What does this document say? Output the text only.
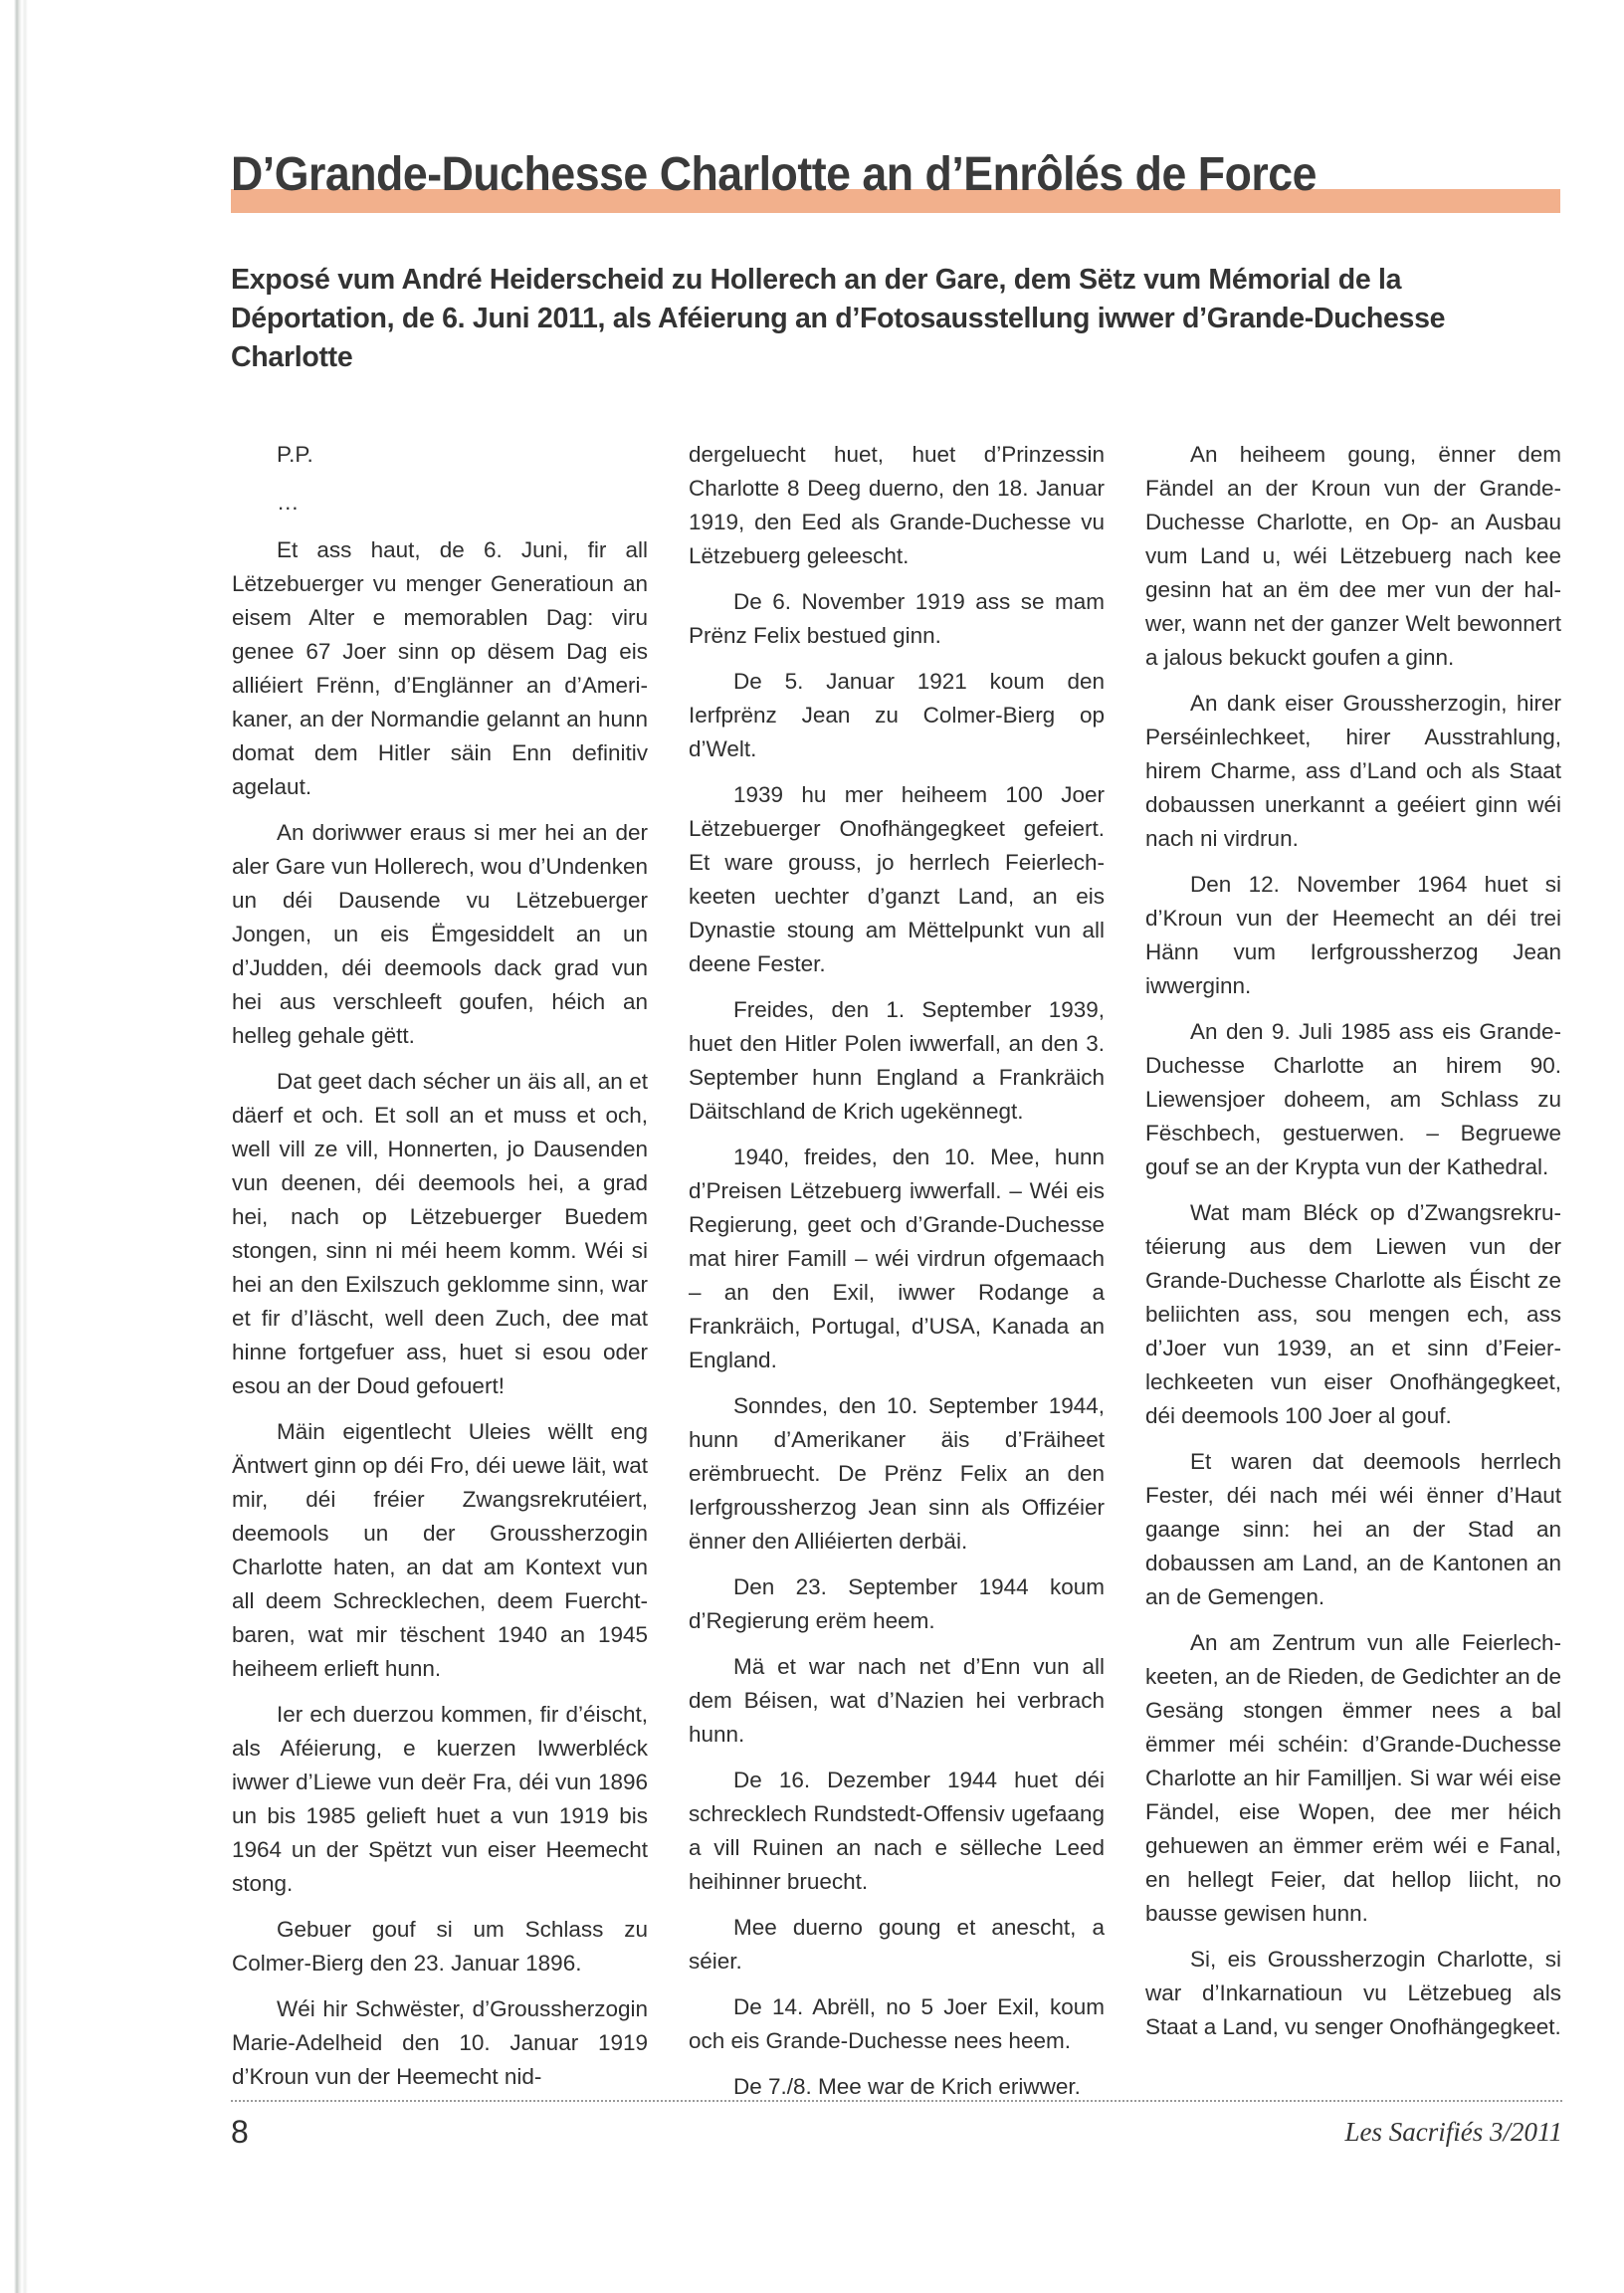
D’Grande-Duchesse Charlotte an d’Enrôlés de Force
Exposé vum André Heiderscheid zu Hollerech an der Gare, dem Sëtz vum Mémorial de la Déportation, de 6. Juni 2011, als Aféierung an d’Fotosausstellung iwwer d’Grande-Duchesse Charlotte

P.P.

…

Et ass haut, de 6. Juni, fir all Lëtzebuerger vu menger Generatioun an eisem Alter e memorablen Dag: viru genee 67 Joer sinn op dësem Dag eis alliéiert Frënn, d’Englänner an d’Amerikaner, an der Normandie gelannt an hunn domat dem Hitler säin Enn definitiv agelaut.

An doriwwer eraus si mer hei an der aler Gare vun Hollerech, wou d’Undenken un déi Dausende vu Lëtzebuerger Jongen, un eis Ëmgesiddelt an un d’Judden, déi deemools dack grad vun hei aus verschleeft goufen, héich an helleg gehale gëtt.

Dat geet dach sécher un äis all, an et däerf et och. Et soll an et muss et och, well vill ze vill, Honnerten, jo Dausenden vun deenen, déi deemools hei, a grad hei, nach op Lëtzebuerger Buedem stongen, sinn ni méi heem komm. Wéi si hei an den Exilszuch geklomme sinn, war et fir d’Iäscht, well deen Zuch, dee mat hinne fortgefuer ass, huet si esou oder esou an der Doud gefouert!

Mäin eigentlecht Uleies wëllt eng Äntwert ginn op déi Fro, déi uewe läit, wat mir, déi fréier Zwangsrekrutéiert, deemools un der Groussherzogin Charlotte haten, an dat am Kontext vun all deem Schrecklechen, deem Fuerchtbaren, wat mir tëschent 1940 an 1945 heiheem erlieft hunn.

Ier ech duerzou kommen, fir d’éischt, als Aféierung, e kuerzen Iwwerbléck iwwer d’Liewe vun deër Fra, déi vun 1896 un bis 1985 gelieft huet a vun 1919 bis 1964 un der Spëtzt vun eiser Heemecht stong.

Gebuer gouf si um Schlass zu Colmer-Bierg den 23. Januar 1896.

Wéi hir Schwëster, d’Groussherzogin Marie-Adelheid den 10. Januar 1919 d’Kroun vun der Heemecht nid-

dergeluecht huet, huet d’Prinzessin Charlotte 8 Deeg duerno, den 18. Januar 1919, den Eed als Grande-Duchesse vu Lëtzebuerg geleescht.

De 6. November 1919 ass se mam Prënz Felix bestued ginn.

De 5. Januar 1921 koum den Ierfprënz Jean zu Colmer-Bierg op d’Welt.

1939 hu mer heiheem 100 Joer Lëtzebuerger Onofhängegkeet gefeiert. Et ware grouss, jo herrlech Feierlechkeeten uechter d’ganzt Land, an eis Dynastie stoung am Mëttelpunkt vun all deene Fester.

Freides, den 1. September 1939, huet den Hitler Polen iwwerfall, an den 3. September hunn England a Frankräich Däitschland de Krich ugekënnegt.

1940, freides, den 10. Mee, hunn d’Preisen Lëtzebuerg iwwerfall. – Wéi eis Regierung, geet och d’Grande-Duchesse mat hirer Famill – wéi virdrun ofgemaach – an den Exil, iwwer Rodange a Frankräich, Portugal, d’USA, Kanada an England.

Sonndes, den 10. September 1944, hunn d’Amerikaner äis d’Fräiheet erëmbruecht. De Prënz Felix an den Ierfgroussherzog Jean sinn als Offizéier ënner den Alliéierten derbäi.

Den 23. September 1944 koum d’Regierung erëm heem.

Mä et war nach net d’Enn vun all dem Béisen, wat d’Nazien hei verbrach hunn.

De 16. Dezember 1944 huet déi schrecklech Rundstedt-Offensiv ugefaang a vill Ruinen an nach e sëlleche Leed heihinner bruecht.

Mee duerno goung et anescht, a séier.

De 14. Abrëll, no 5 Joer Exil, koum och eis Grande-Duchesse nees heem.

De 7./8. Mee war de Krich eriwwer.

An heiheem goung, ënner dem Fändel an der Kroun vun der Grande-Duchesse Charlotte, en Op- an Ausbau vum Land u, wéi Lëtzebuerg nach kee gesinn hat an ëm dee mer vun der halwer, wann net der ganzer Welt bewonnert a jalous bekuckt goufen a ginn.

An dank eiser Groussherzogin, hirer Perséinlechkeet, hirer Ausstrahlung, hirem Charme, ass d’Land och als Staat dobaussen unerkannt a geéiert ginn wéi nach ni virdrun.

Den 12. November 1964 huet si d’Kroun vun der Heemecht an déi trei Hänn vum Ierfgroussherzog Jean iwwerginn.

An den 9. Juli 1985 ass eis Grande-Duchesse Charlotte an hirem 90. Liewensjoer doheem, am Schlass zu Fëschbech, gestuerwen. – Begruewe gouf se an der Krypta vun der Kathedral.

Wat mam Bléck op d’Zwangsrekrutéierung aus dem Liewen vun der Grande-Duchesse Charlotte als Éischt ze beliichten ass, sou mengen ech, ass d’Joer vun 1939, an et sinn d’Feierlechkeeten vun eiser Onofhängegkeet, déi deemools 100 Joer al gouf.

Et waren dat deemools herrlech Fester, déi nach méi wéi ënner d’Haut gaange sinn: hei an der Stad an dobaussen am Land, an de Kantonen an an de Gemengen.

An am Zentrum vun alle Feierlechkeeten, an de Rieden, de Gedichter an de Gesäng stongen ëmmer nees a bal ëmmer méi schéin: d’Grande-Duchesse Charlotte an hir Familljen. Si war wéi eise Fändel, eise Wopen, dee mer héich gehuewen an ëmmer erëm wéi e Fanal, en hellegt Feier, dat hellop liicht, no bausse gewisen hunn.

Si, eis Groussherzogin Charlotte, si war d’Inkarnatioun vu Lëtzebueg als Staat a Land, vu senger Onofhängegkeet.

8	Les Sacrifiés 3/2011
